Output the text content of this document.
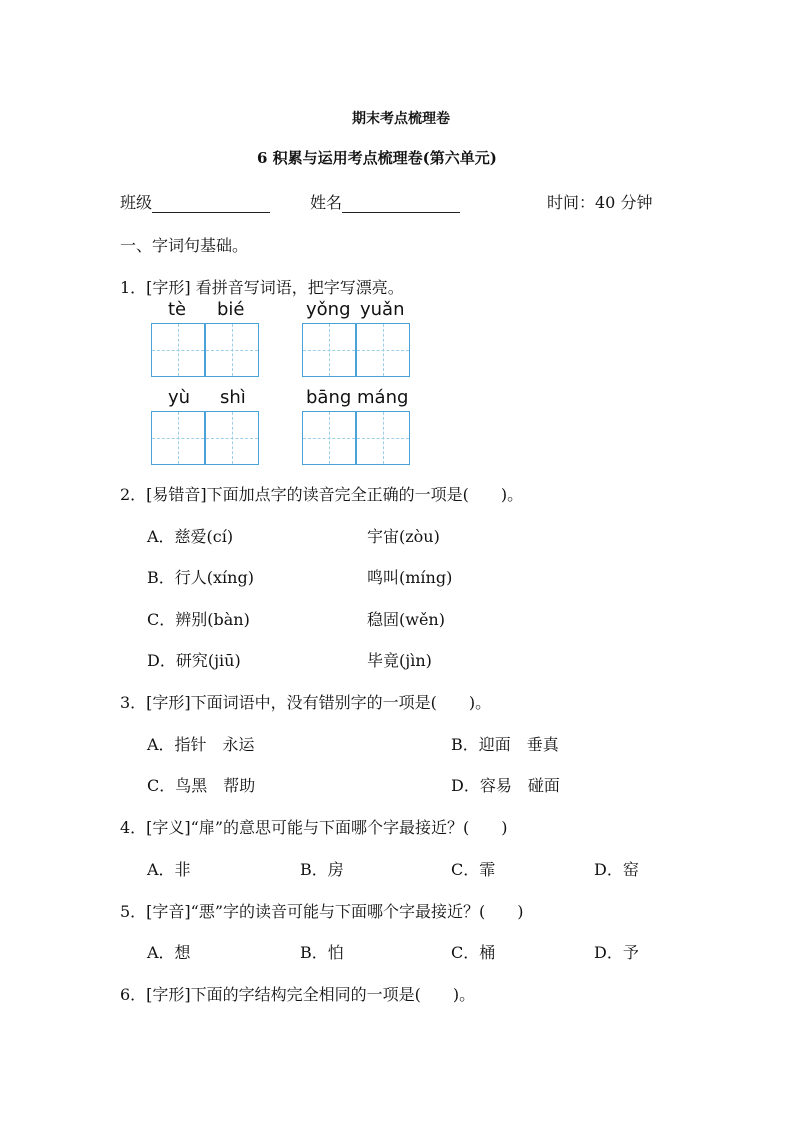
期末考点梳理卷
6 积累与运用考点梳理卷(第六单元)
班级	姓名	时间：40 分钟
一、字词句基础。
1．[字形] 看拼音写词语，把字写漂亮。
tè bié	yǒng yuǎn
yù shì	bāng máng
2．[易错音]下面加点字的读音完全正确的一项是(　　)。
A．慈爱(cí)	宇宙(zòu)
B．行人(xíng)	鸣叫(míng)
C．辨别(bàn)	稳固(wěn)
D．研究(jiū)	毕竟(jìn)
3．[字形]下面词语中，没有错别字的一项是(　　)。
A．指针　永运	B．迎面　垂真
C．鸟黑　帮助	D．容易　碰面
4．[字义]“扉”的意思可能与下面哪个字最接近？(　　)
A．非	B．房	C．霏	D．窑
5．[字音]“悪”字的读音可能与下面哪个字最接近？(　　)
A．想	B．怕	C．桶	D．予
6．[字形]下面的字结构完全相同的一项是(　　)。
